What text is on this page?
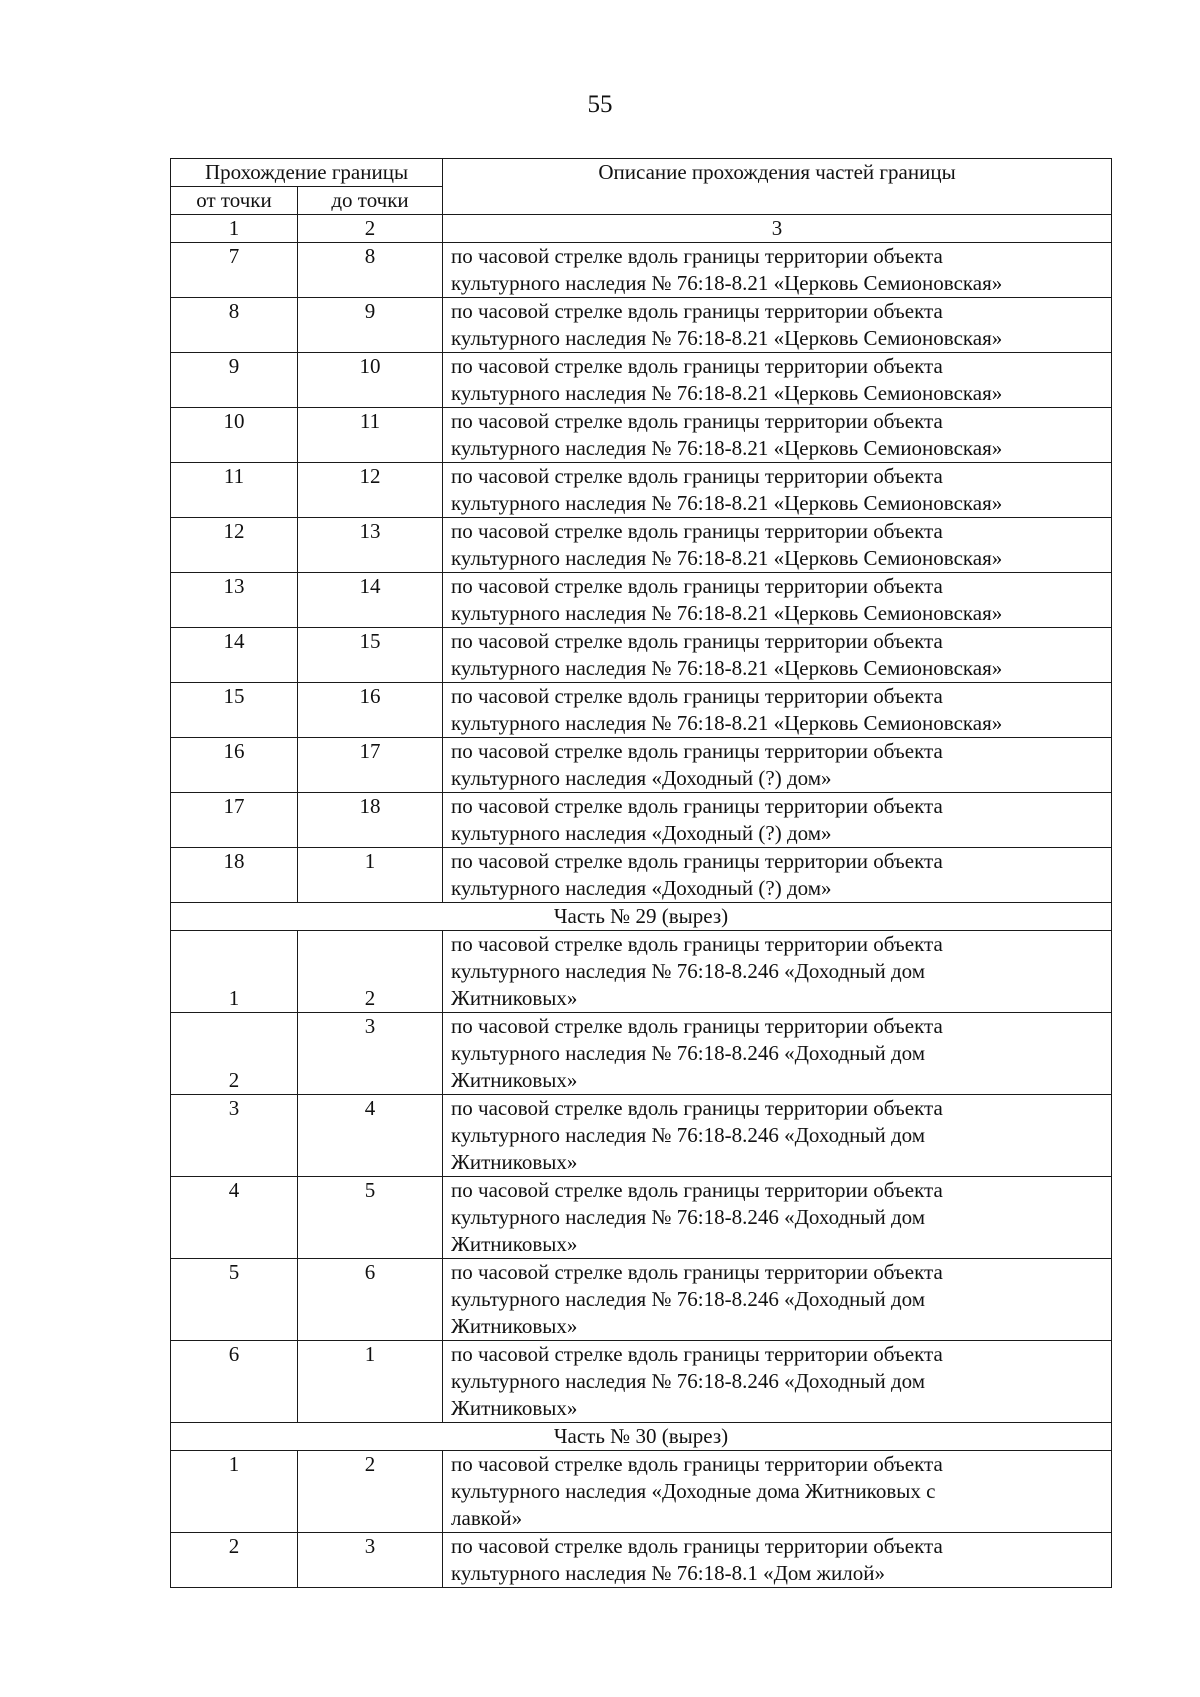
55
Прохождение границы		Описание прохождения частей границы
от точки	до точки	
1	2	3
7	8	по часовой стрелке вдоль границы территории объекта
культурного наследия № 76:18-8.21 «Церковь Семионовская»

8	9	по часовой стрелке вдоль границы территории объекта
культурного наследия № 76:18-8.21 «Церковь Семионовская»

9	10	по часовой стрелке вдоль границы территории объекта
культурного наследия № 76:18-8.21 «Церковь Семионовская»

10	11	по часовой стрелке вдоль границы территории объекта
культурного наследия № 76:18-8.21 «Церковь Семионовская»

11	12	по часовой стрелке вдоль границы территории объекта
культурного наследия № 76:18-8.21 «Церковь Семионовская»

12	13	по часовой стрелке вдоль границы территории объекта
культурного наследия № 76:18-8.21 «Церковь Семионовская»

13	14	по часовой стрелке вдоль границы территории объекта
культурного наследия № 76:18-8.21 «Церковь Семионовская»

14	15	по часовой стрелке вдоль границы территории объекта
культурного наследия № 76:18-8.21 «Церковь Семионовская»

15	16	по часовой стрелке вдоль границы территории объекта
культурного наследия № 76:18-8.21 «Церковь Семионовская»

16	17	по часовой стрелке вдоль границы территории объекта
культурного наследия «Доходный (?) дом»

17	18	по часовой стрелке вдоль границы территории объекта
культурного наследия «Доходный (?) дом»

18	1	по часовой стрелке вдоль границы территории объекта
культурного наследия «Доходный (?) дом»

Часть № 29 (вырез)		
1	2	по часовой стрелке вдоль границы территории объекта
культурного наследия № 76:18-8.246 «Доходный дом
Житниковых»

2	3	по часовой стрелке вдоль границы территории объекта
культурного наследия № 76:18-8.246 «Доходный дом
Житниковых»

3	4	по часовой стрелке вдоль границы территории объекта
культурного наследия № 76:18-8.246 «Доходный дом
Житниковых»

4	5	по часовой стрелке вдоль границы территории объекта
культурного наследия № 76:18-8.246 «Доходный дом
Житниковых»

5	6	по часовой стрелке вдоль границы территории объекта
культурного наследия № 76:18-8.246 «Доходный дом
Житниковых»

6	1	по часовой стрелке вдоль границы территории объекта
культурного наследия № 76:18-8.246 «Доходный дом
Житниковых»

Часть № 30 (вырез)		
1	2	по часовой стрелке вдоль границы территории объекта
культурного наследия «Доходные дома Житниковых с
лавкой»

2	3	по часовой стрелке вдоль границы территории объекта
культурного наследия № 76:18-8.1 «Дом жилой»
